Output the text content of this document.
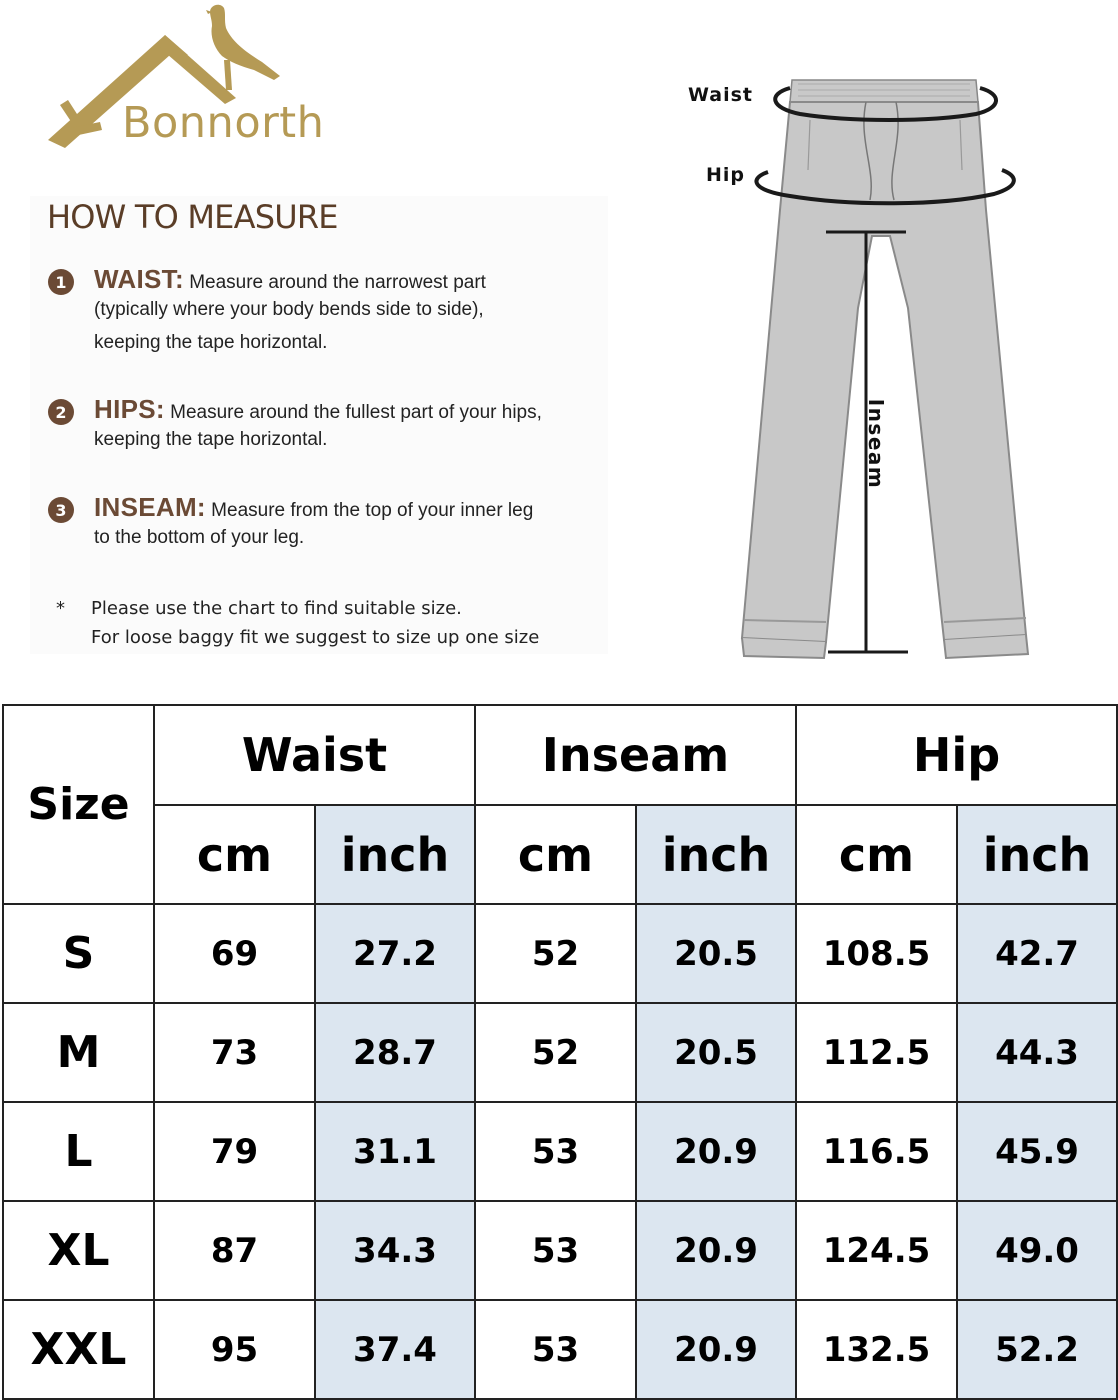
Bonnorth
HOW TO MEASURE
1 WAIST: Measure around the narrowest part
(typically where your body bends side to side),
keeping the tape horizontal.
2 HIPS: Measure around the fullest part of your hips,
keeping the tape horizontal.
3 INSEAM: Measure from the top of your inner leg
to the bottom of your leg.
* Please use the chart to find suitable size.
For loose baggy fit we suggest to size up one size
Waist
Hip
Inseam
Size	Waist		Inseam		Hip	
	cm	inch	cm	inch	cm	inch
S	69	27.2	52	20.5	108.5	42.7
M	73	28.7	52	20.5	112.5	44.3
L	79	31.1	53	20.9	116.5	45.9
XL	87	34.3	53	20.9	124.5	49.0
XXL	95	37.4	53	20.9	132.5	52.2
